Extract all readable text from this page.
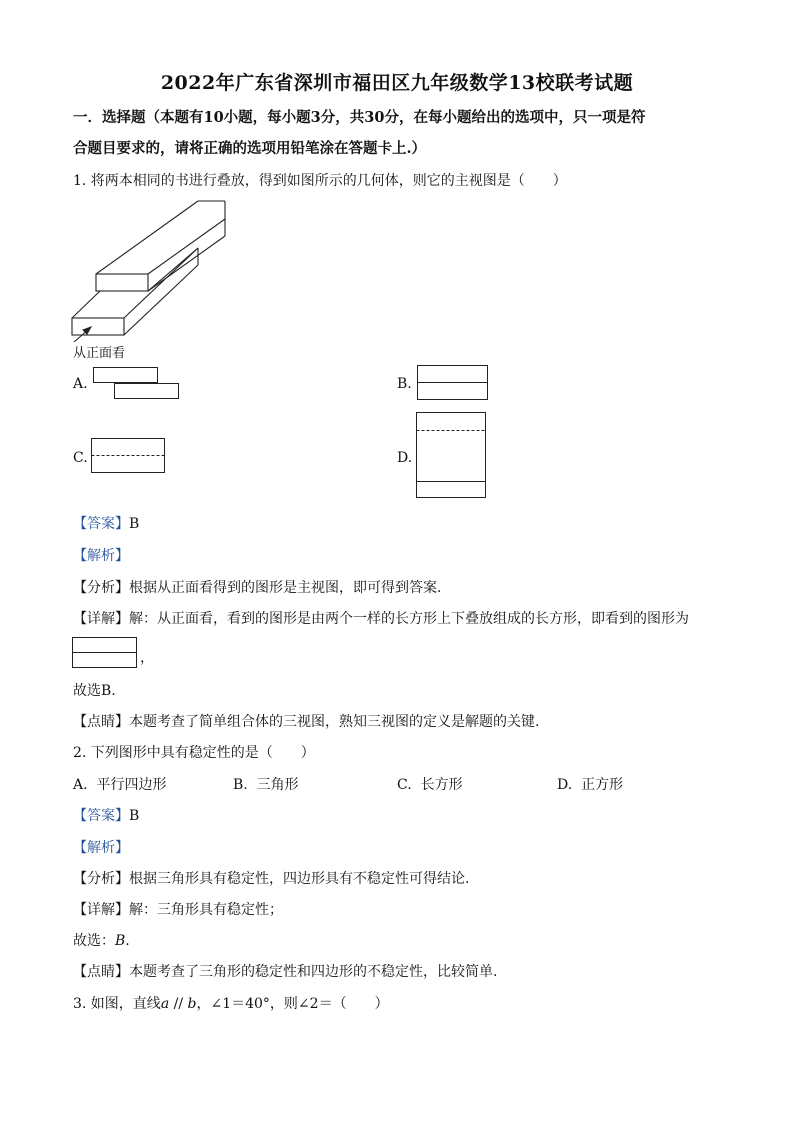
2022年广东省深圳市福田区九年级数学13校联考试题
一．选择题（本题有10小题，每小题3分，共30分，在每小题给出的选项中，只一项是符
合题目要求的，请将正确的选项用铅笔涂在答题卡上.）
1. 将两本相同的书进行叠放，得到如图所示的几何体，则它的主视图是（　　）
从正面看
A.	B.
C.	D.
【答案】B
【解析】
【分析】根据从正面看得到的图形是主视图，即可得到答案.
【详解】解：从正面看，看到的图形是由两个一样的长方形上下叠放组成的长方形，即看到的图形为
，
故选B.
【点睛】本题考查了简单组合体的三视图，熟知三视图的定义是解题的关键.
2. 下列图形中具有稳定性的是（　　）
A. 平行四边形	B. 三角形	C. 长方形	D. 正方形
【答案】B
【解析】
【分析】根据三角形具有稳定性，四边形具有不稳定性可得结论.
【详解】解：三角形具有稳定性；
故选：B.
【点睛】本题考查了三角形的稳定性和四边形的不稳定性，比较简单.
3. 如图，直线a // b，∠1＝40°，则∠2＝（　　）
